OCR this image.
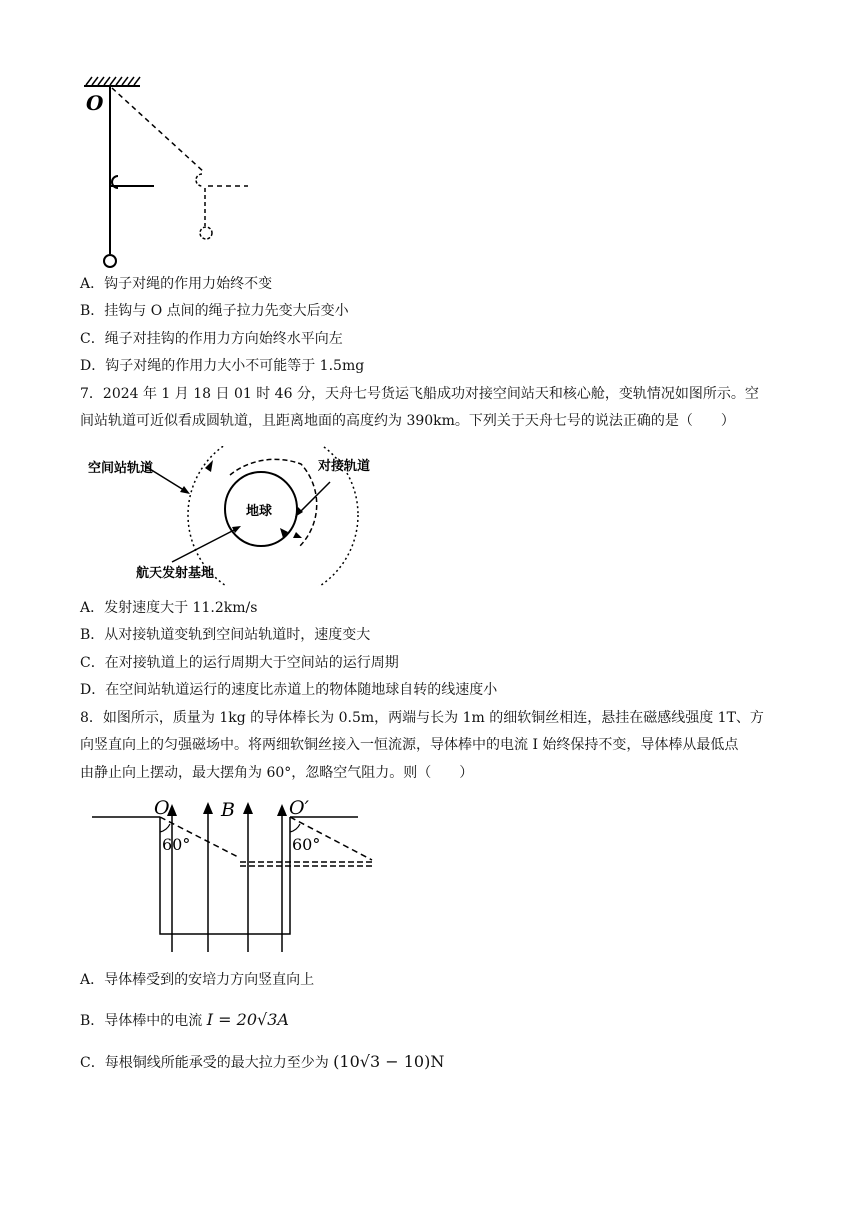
O
A．钩子对绳的作用力始终不变
B．挂钩与 O 点间的绳子拉力先变大后变小
C．绳子对挂钩的作用力方向始终水平向左
D．钩子对绳的作用力大小不可能等于 1.5mg
7．2024 年 1 月 18 日 01 时 46 分，天舟七号货运飞船成功对接空间站天和核心舱，变轨情况如图所示。空
间站轨道可近似看成圆轨道，且距离地面的高度约为 390km。下列关于天舟七号的说法正确的是（　　）
空间站轨道	对接轨道
地球
航天发射基地
A．发射速度大于 11.2km/s
B．从对接轨道变轨到空间站轨道时，速度变大
C．在对接轨道上的运行周期大于空间站的运行周期
D．在空间站轨道运行的速度比赤道上的物体随地球自转的线速度小
8．如图所示，质量为 1kg 的导体棒长为 0.5m，两端与长为 1m 的细软铜丝相连，悬挂在磁感线强度 1T、方
向竖直向上的匀强磁场中。将两细软铜丝接入一恒流源，导体棒中的电流 I 始终保持不变，导体棒从最低点
由静止向上摆动，最大摆角为 60°，忽略空气阻力。则（　　）
O	B	O′
60°	60°
A．导体棒受到的安培力方向竖直向上
B．导体棒中的电流 I = 20√3A
C．每根铜线所能承受的最大拉力至少为 (10√3 − 10)N
